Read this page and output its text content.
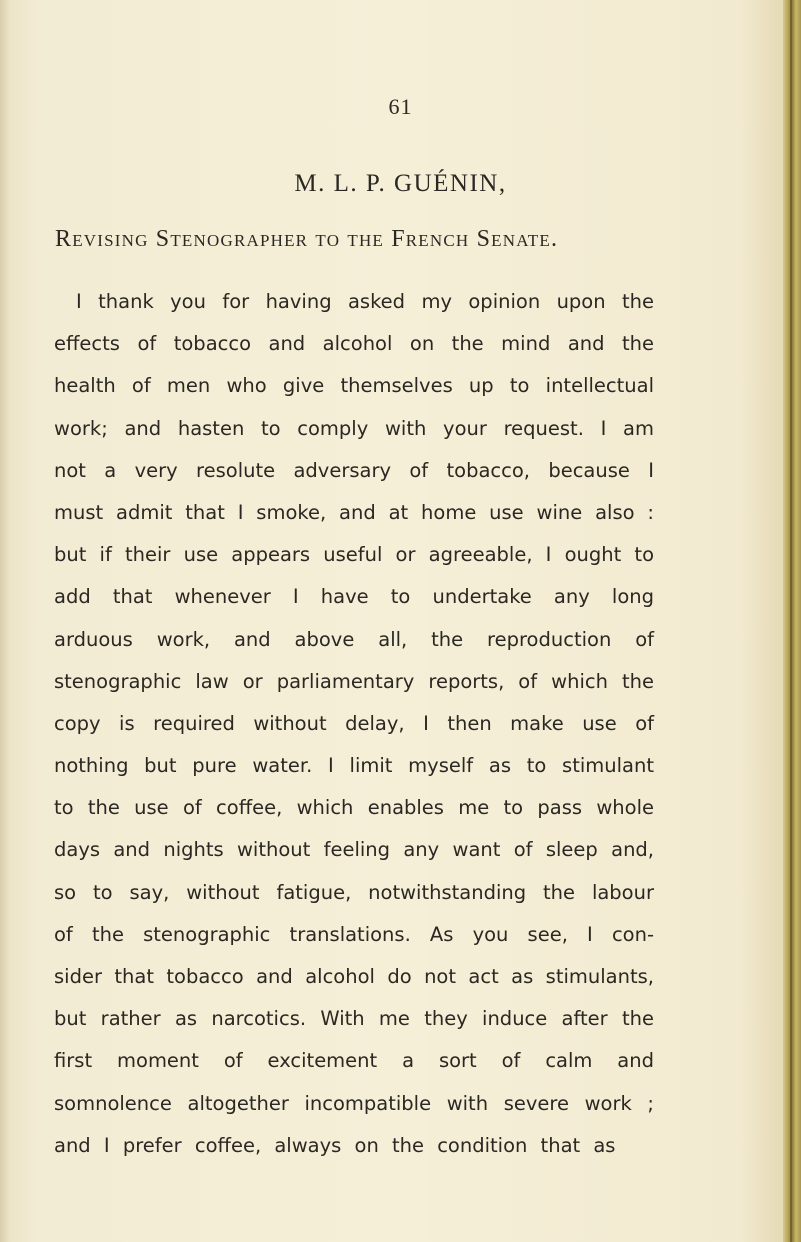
61
M. L. P. GUÉNIN,
Revising Stenographer to the French Senate.
I thank you for having asked my opinion upon the
effects of tobacco and alcohol on the mind and the
health of men who give themselves up to intellectual
work; and hasten to comply with your request. I am
not a very resolute adversary of tobacco, because I
must admit that I smoke, and at home use wine also :
but if their use appears useful or agreeable, I ought to
add that whenever I have to undertake any long
arduous work, and above all, the reproduction of
stenographic law or parliamentary reports, of which the
copy is required without delay, I then make use of
nothing but pure water. I limit myself as to stimulant
to the use of coffee, which enables me to pass whole
days and nights without feeling any want of sleep and,
so to say, without fatigue, notwithstanding the labour
of the stenographic translations. As you see, I con-
sider that tobacco and alcohol do not act as stimulants,
but rather as narcotics. With me they induce after the
first moment of excitement a sort of calm and
somnolence altogether incompatible with severe work ;
and I prefer coffee, always on the condition that as
